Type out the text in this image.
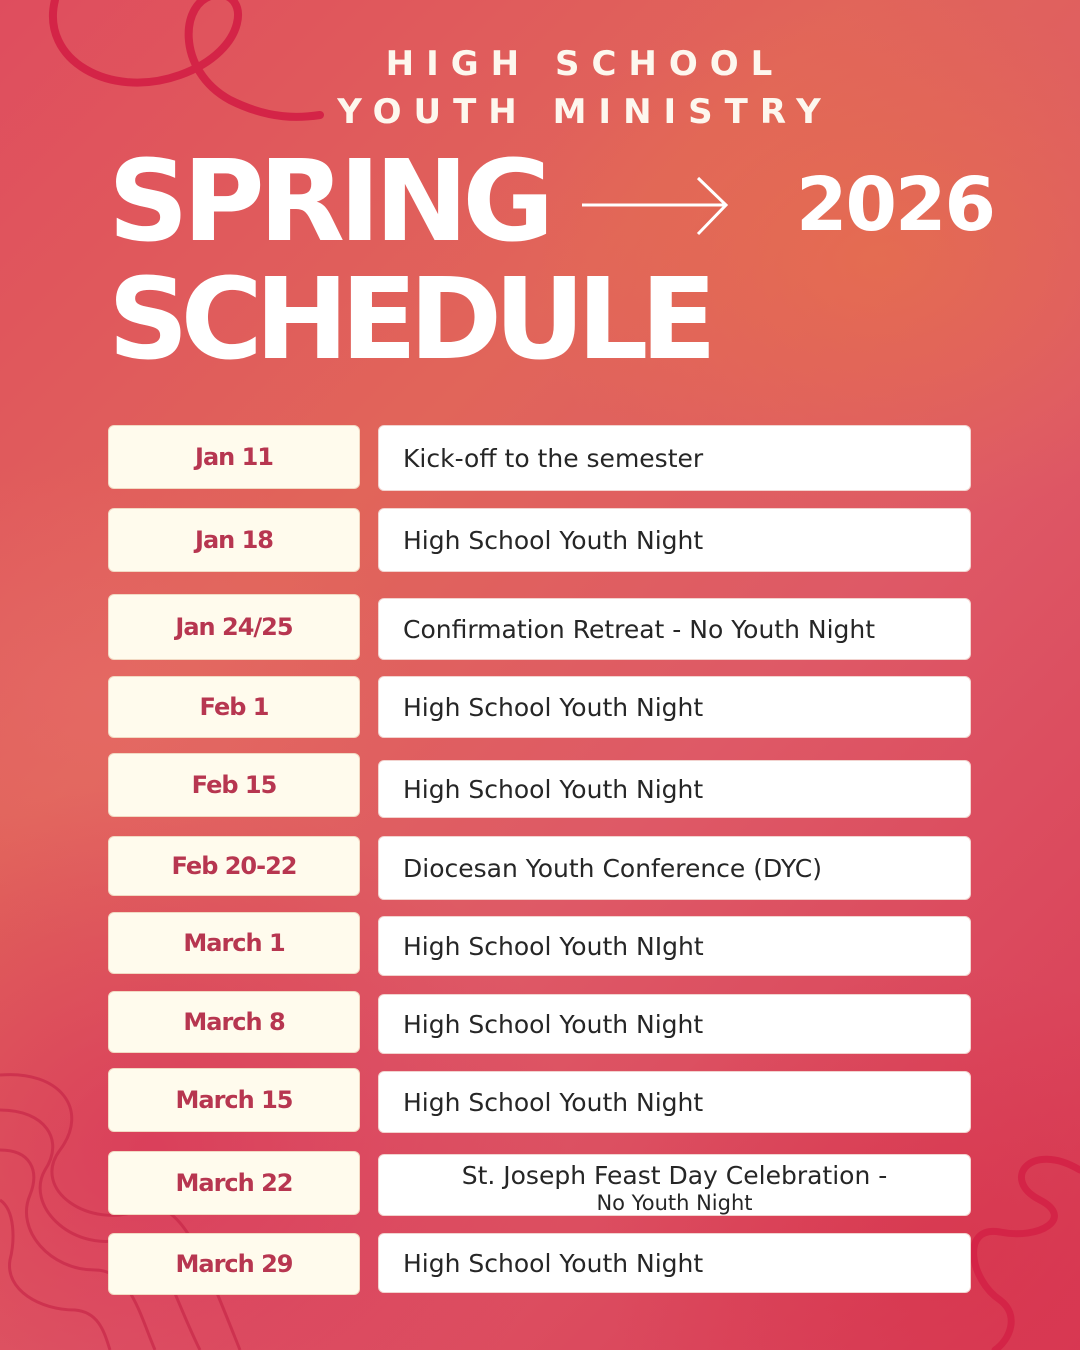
HIGH SCHOOL
YOUTH MINISTRY
SPRING
SCHEDULE
2026
Jan 11	Kick-off to the semester
Jan 18	High School Youth Night
Jan 24/25	Confirmation Retreat - No Youth Night
Feb 1	High School Youth Night
Feb 15	High School Youth Night
Feb 20-22	Diocesan Youth Conference (DYC)
March 1	High School Youth NIght
March 8	High School Youth Night
March 15	High School Youth Night
March 22	St. Joseph Feast Day Celebration -
No Youth Night
March 29	High School Youth Night
